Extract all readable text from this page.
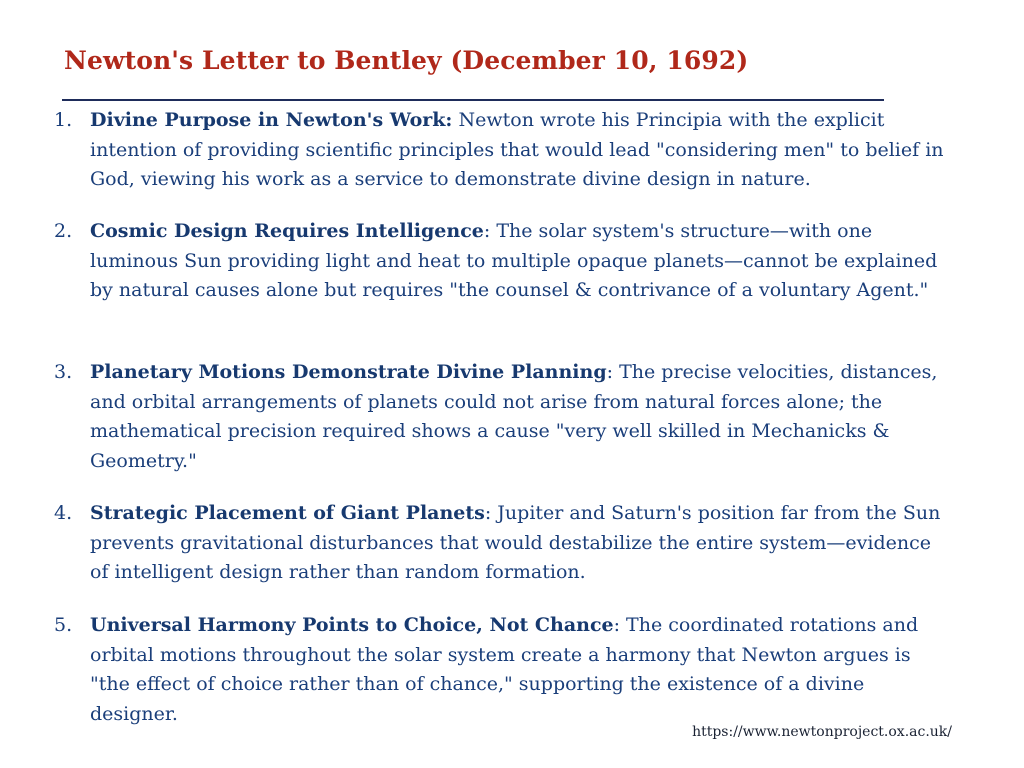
Newton's Letter to Bentley (December 10, 1692)
1. Divine Purpose in Newton's Work: Newton wrote his Principia with the explicit intention of providing scientific principles that would lead "considering men" to belief in God, viewing his work as a service to demonstrate divine design in nature.
2. Cosmic Design Requires Intelligence: The solar system's structure—with one luminous Sun providing light and heat to multiple opaque planets—cannot be explained by natural causes alone but requires "the counsel & contrivance of a voluntary Agent."
3. Planetary Motions Demonstrate Divine Planning: The precise velocities, distances, and orbital arrangements of planets could not arise from natural forces alone; the mathematical precision required shows a cause "very well skilled in Mechanicks & Geometry."
4. Strategic Placement of Giant Planets: Jupiter and Saturn's position far from the Sun prevents gravitational disturbances that would destabilize the entire system—evidence of intelligent design rather than random formation.
5. Universal Harmony Points to Choice, Not Chance: The coordinated rotations and orbital motions throughout the solar system create a harmony that Newton argues is "the effect of choice rather than of chance," supporting the existence of a divine designer.
https://www.newtonproject.ox.ac.uk/
